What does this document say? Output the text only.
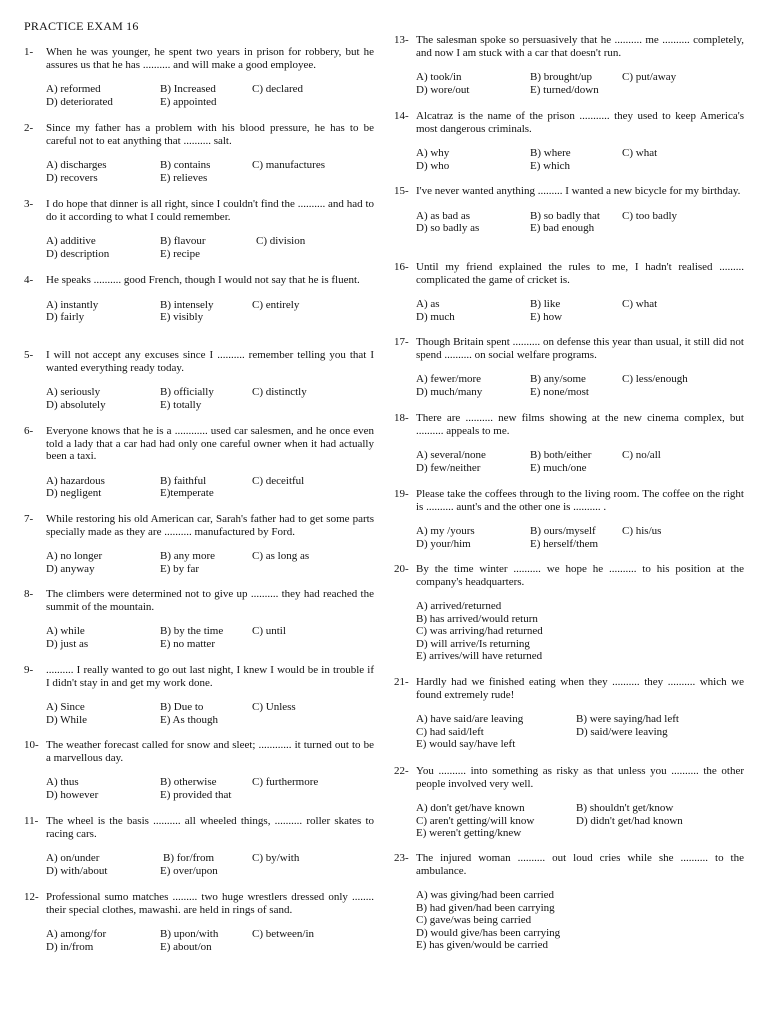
PRACTICE EXAM 16
1- When he was younger, he spent two years in prison for robbery, but he assures us that he has .......... and will make a good employee.
A) reformed	B) Increased	C) declared
D) deteriorated	E) appointed
2- Since my father has a problem with his blood pressure, he has to be careful not to eat anything that .......... salt.
A) discharges	B) contains	C) manufactures
D) recovers	E) relieves
3- I do hope that dinner is all right, since I couldn't find the .......... and had to do it according to what I could remember.
A) additive	B) flavour	C) division
D) description	E) recipe
4- He speaks .......... good French, though I would not say that he is fluent.
A) instantly	B) intensely	C) entirely
D) fairly	E) visibly
5- I will not accept any excuses since I .......... remember telling you that I wanted everything ready today.
A) seriously	B) officially	C) distinctly
D) absolutely	E) totally
6- Everyone knows that he is a ............ used car salesmen, and he once even told a lady that a car had had only one careful owner when it had actually been a taxi.
A) hazardous	B) faithful	C) deceitful
D) negligent	E)temperate
7- While restoring his old American car, Sarah's father had to get some parts specially made as they are .......... manufactured by Ford.
A) no longer	B) any more	C) as long as
D) anyway	E) by far
8- The climbers were determined not to give up .......... they had reached the summit of the mountain.
A) while	B) by the time	C) until
D) just as	E) no matter
9- .......... I really wanted to go out last night, I knew I would be in trouble if I didn't stay in and get my work done.
A) Since	B) Due to	C) Unless
D) While	E) As though
10- The weather forecast called for snow and sleet; ............ it turned out to be a marvellous day.
A) thus	B) otherwise	C) furthermore
D) however	E) provided that
11- The wheel is the basis .......... all wheeled things, .......... roller skates to racing cars.
A) on/under	B) for/from	C) by/with
D) with/about	E) over/upon
12- Professional sumo matches ......... two huge wrestlers dressed only ........ their special clothes, mawashi. are held in rings of sand.
A) among/for	B) upon/with	C) between/in
D) in/from	E) about/on
13- The salesman spoke so persuasively that he .......... me .......... completely, and now I am stuck with a car that doesn't run.
A) took/in	B) brought/up	C) put/away
D) wore/out	E) turned/down
14- Alcatraz is the name of the prison ........... they used to keep America's most dangerous criminals.
A) why	B) where	C) what
D) who	E) which
15- I've never wanted anything ......... I wanted a new bicycle for my birthday.
A) as bad as	B) so badly that C) too badly
D) so badly as	E) bad enough
16- Until my friend explained the rules to me, I hadn't realised ......... complicated the game of cricket is.
A) as	B) like	C) what
D) much	E) how
17- Though Britain spent .......... on defense this year than usual, it still did not spend .......... on social welfare programs.
A) fewer/more	B) any/some	C) less/enough
D) much/many	E) none/most
18- There are .......... new films showing at the new cinema complex, but .......... appeals to me.
A) several/none	B) both/either	C) no/all
D) few/neither	E) much/one
19- Please take the coffees through to the living room. The coffee on the right is .......... aunt's and the other one is .......... .
A) my /yours	B) ours/myself C) his/us
D) your/him	E) herself/them
20- By the time winter .......... we hope he .......... to his position at the company's headquarters.
A) arrived/returned
B) has arrived/would return
C) was arriving/had returned
D) will arrive/Is returning
E) arrives/will have returned
21- Hardly had we finished eating when they .......... they .......... which we found extremely rude!
A) have said/are leaving	B) were saying/had left
C) had said/left	D) said/were leaving
E) would say/have left
22- You .......... into something as risky as that unless you .......... the other people involved very well.
A) don't get/have known	B) shouldn't get/know
C) aren't getting/will know	D) didn't get/had known
E) weren't getting/knew
23- The injured woman .......... out loud cries while she .......... to the ambulance.
A) was giving/had been carried
B) had given/had been carrying
C) gave/was being carried
D) would give/has been carrying
E) has given/would be carried
